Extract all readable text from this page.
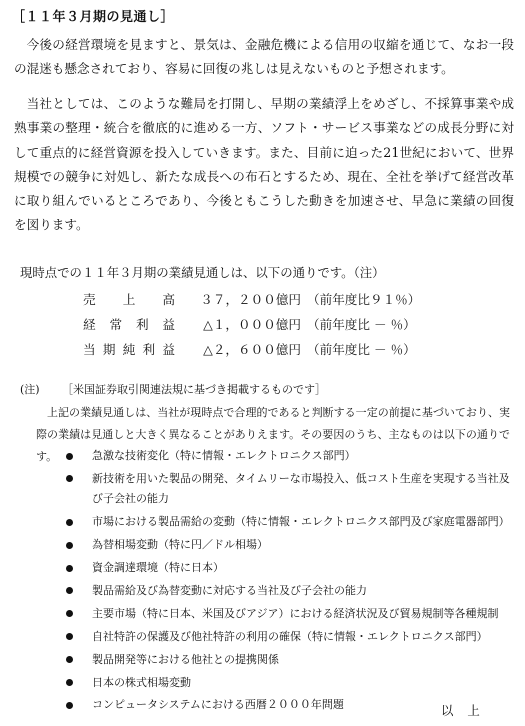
［１１年３月期の見通し］

今後の経営環境を見ますと、景気は、金融危機による信用の収縮を通じて、なお一段の混迷も懸念されており、容易に回復の兆しは見えないものと予想されます。

当社としては、このような難局を打開し、早期の業績浮上をめざし、不採算事業や成熟事業の整理・統合を徹底的に進める一方、ソフト・サービス事業などの成長分野に対して重点的に経営資源を投入していきます。また、目前に迫った21世紀において、世界規模での競争に対処し、新たな成長への布石とするため、現在、全社を挙げて経営改革に取り組んでいるところであり、今後ともこうした動きを加速させ、早急に業績の回復を図ります。

現時点での１１年３月期の業績見通しは、以下の通りです。（注）
売上高	３７，２００億円	（前年度比９１％）
経常利益	△１，０００億円	（前年度比 － ％）
当期純利益	△２，６００億円	（前年度比 － ％）
(注) ［米国証券取引関連法規に基づき掲載するものです］

上記の業績見通しは、当社が現時点で合理的であると判断する一定の前提に基づいており、実際の業績は見通しと大きく異なることがありえます。その要因のうち、主なものは以下の通りです。	急激な技術変化（特に情報・エレクトロニクス部門）
新技術を用いた製品の開発、タイムリーな市場投入、低コスト生産を実現する当社及び子会社の能力
市場における製品需給の変動（特に情報・エレクトロニクス部門及び家庭電器部門）
為替相場変動（特に円／ドル相場）
資金調達環境（特に日本）
製品需給及び為替変動に対応する当社及び子会社の能力
主要市場（特に日本、米国及びアジア）における経済状況及び貿易規制等各種規制
自社特許の保護及び他社特許の利用の確保（特に情報・エレクトロニクス部門）
製品開発等における他社との提携関係
日本の株式相場変動
コンピュータシステムにおける西暦２０００年問題	以上
